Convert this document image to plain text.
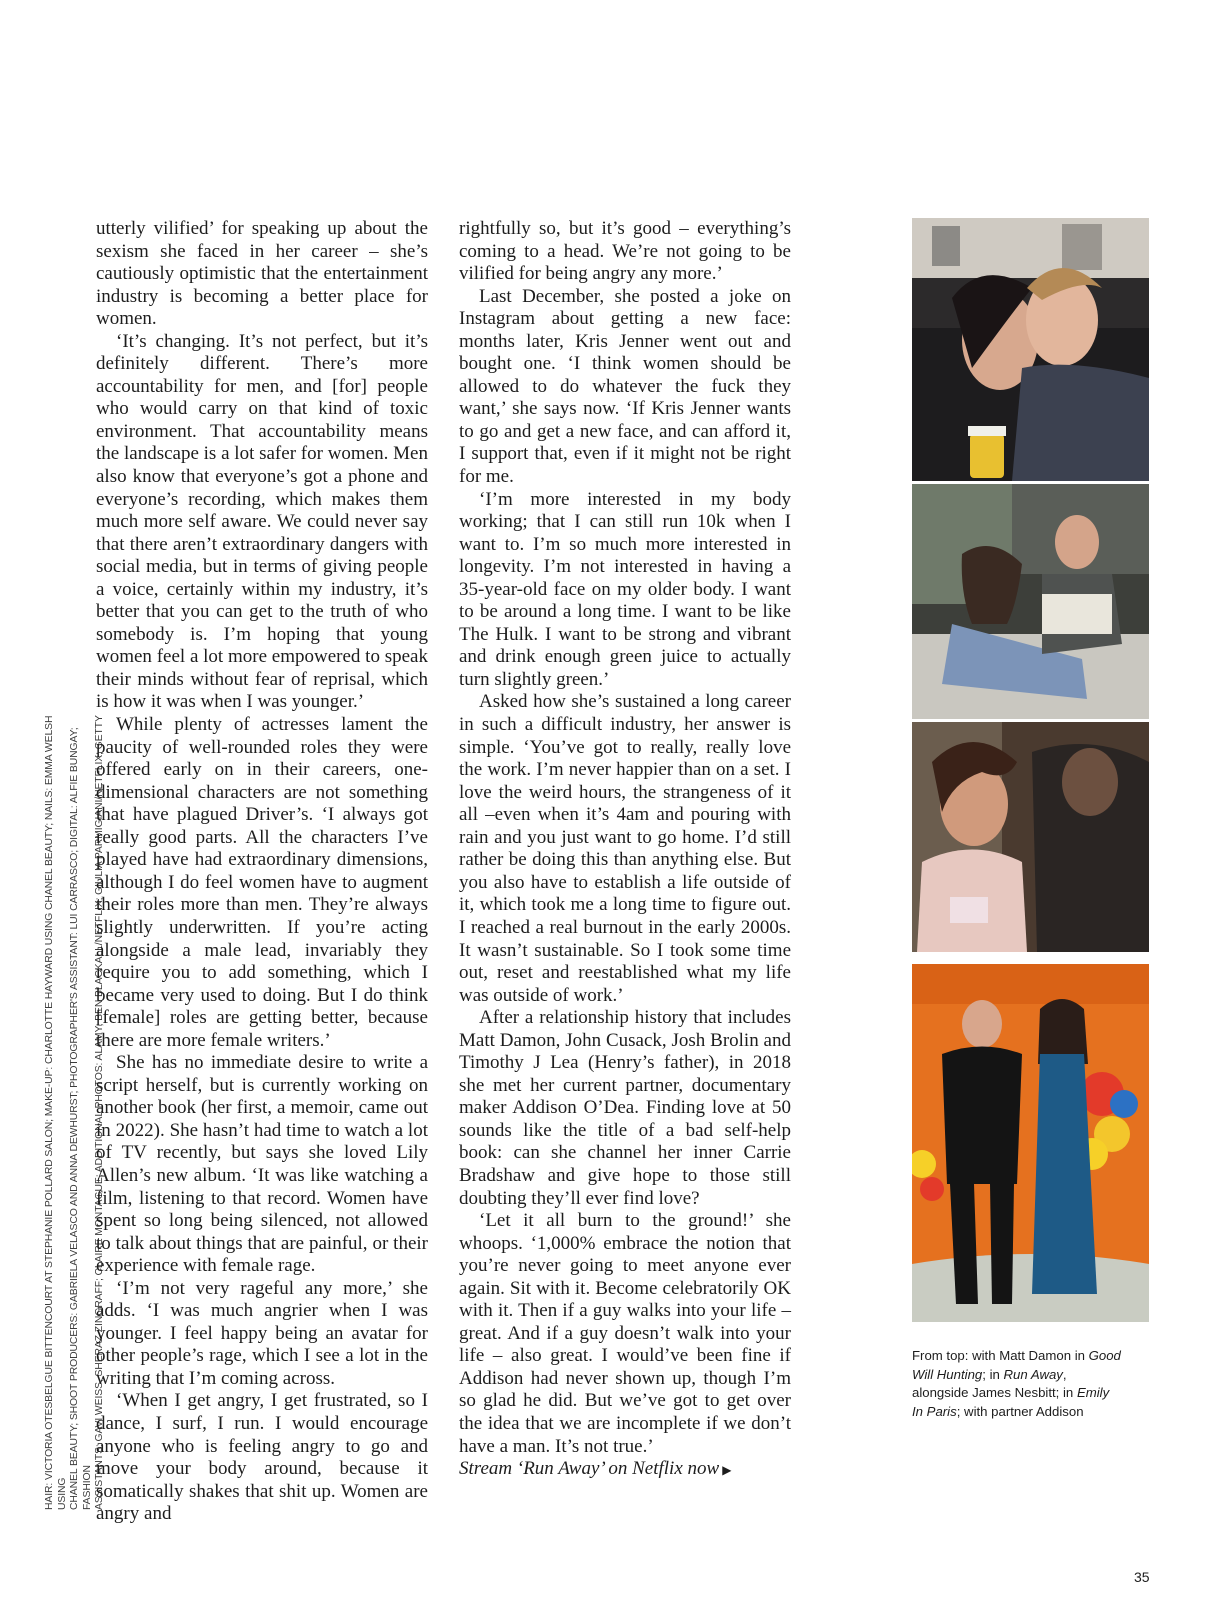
HAIR: VICTORIA OTESBELGUE BITTENCOURT AT STEPHANIE POLLARD SALON; MAKE-UP: CHARLOTTE HAYWARD USING CHANEL BEAUTY; NAILS: EMMA WELSH USING CHANEL BEAUTY; SHOOT PRODUCERS: GABRIELA VELASCO AND ANNA DEWHURST; PHOTOGRAPHER'S ASSISTANT: LUI CARRASCO; DIGITAL: ALFIE BUNGAY; FASHION ASSISTANTS: GAVI WEISS, SHERAZ ZINGRAFF; CLAIRE MONTAGUE; ADDITIONAL PHOTOS: ALAMY; BEN BLACKALL/NETFLIX; GIULIA PARMIGIANI/NETFLIX; GETTY

utterly vilified’ for speaking up about the sexism she faced in her career – she’s cautiously optimistic that the entertainment industry is becoming a better place for women.

‘It’s changing. It’s not perfect, but it’s definitely different. There’s more accountability for men, and [for] people who would carry on that kind of toxic environment. That accountability means the landscape is a lot safer for women. Men also know that everyone’s got a phone and everyone’s recording, which makes them much more self aware. We could never say that there aren’t extraordinary dangers with social media, but in terms of giving people a voice, certainly within my industry, it’s better that you can get to the truth of who somebody is. I’m hoping that young women feel a lot more empowered to speak their minds without fear of reprisal, which is how it was when I was younger.’

While plenty of actresses lament the paucity of well-rounded roles they were offered early on in their careers, one-dimensional characters are not something that have plagued Driver’s. ‘I always got really good parts. All the characters I’ve played have had extraordinary dimensions, although I do feel women have to augment their roles more than men. They’re always slightly underwritten. If you’re acting alongside a male lead, invariably they require you to add something, which I became very used to doing. But I do think [female] roles are getting better, because there are more female writers.’

She has no immediate desire to write a script herself, but is currently working on another book (her first, a memoir, came out in 2022). She hasn’t had time to watch a lot of TV recently, but says she loved Lily Allen’s new album. ‘It was like watching a film, listening to that record. Women have spent so long being silenced, not allowed to talk about things that are painful, or their experience with female rage.

‘I’m not very rageful any more,’ she adds. ‘I was much angrier when I was younger. I feel happy being an avatar for other people’s rage, which I see a lot in the writing that I’m coming across.

‘When I get angry, I get frustrated, so I dance, I surf, I run. I would encourage anyone who is feeling angry to go and move your body around, because it somatically shakes that shit up. Women are angry and

rightfully so, but it’s good – everything’s coming to a head. We’re not going to be vilified for being angry any more.’

Last December, she posted a joke on Instagram about getting a new face: months later, Kris Jenner went out and bought one. ‘I think women should be allowed to do whatever the fuck they want,’ she says now. ‘If Kris Jenner wants to go and get a new face, and can afford it, I support that, even if it might not be right for me.

‘I’m more interested in my body working; that I can still run 10k when I want to. I’m so much more interested in longevity. I’m not interested in having a 35-year-old face on my older body. I want to be around a long time. I want to be like The Hulk. I want to be strong and vibrant and drink enough green juice to actually turn slightly green.’

Asked how she’s sustained a long career in such a difficult industry, her answer is simple. ‘You’ve got to really, really love the work. I’m never happier than on a set. I love the weird hours, the strangeness of it all –even when it’s 4am and pouring with rain and you just want to go home. I’d still rather be doing this than anything else. But you also have to establish a life outside of it, which took me a long time to figure out. I reached a real burnout in the early 2000s. It wasn’t sustainable. So I took some time out, reset and reestablished what my life was outside of work.’

After a relationship history that includes Matt Damon, John Cusack, Josh Brolin and Timothy J Lea (Henry’s father), in 2018 she met her current partner, documentary maker Addison O’Dea. Finding love at 50 sounds like the title of a bad self-help book: can she channel her inner Carrie Bradshaw and give hope to those still doubting they’ll ever find love?

‘Let it all burn to the ground!’ she whoops. ‘1,000% embrace the notion that you’re never going to meet anyone ever again. Sit with it. Become celebratorily OK with it. Then if a guy walks into your life – great. And if a guy doesn’t walk into your life – also great. I would’ve been fine if Addison had never shown up, though I’m so glad he did. But we’ve got to get over the idea that we are incomplete if we don’t have a man. It’s not true.’

Stream ‘Run Away’ on Netflix now ▶

From top: with Matt Damon in Good Will Hunting; in Run Away, alongside James Nesbitt; in Emily In Paris; with partner Addison
35
